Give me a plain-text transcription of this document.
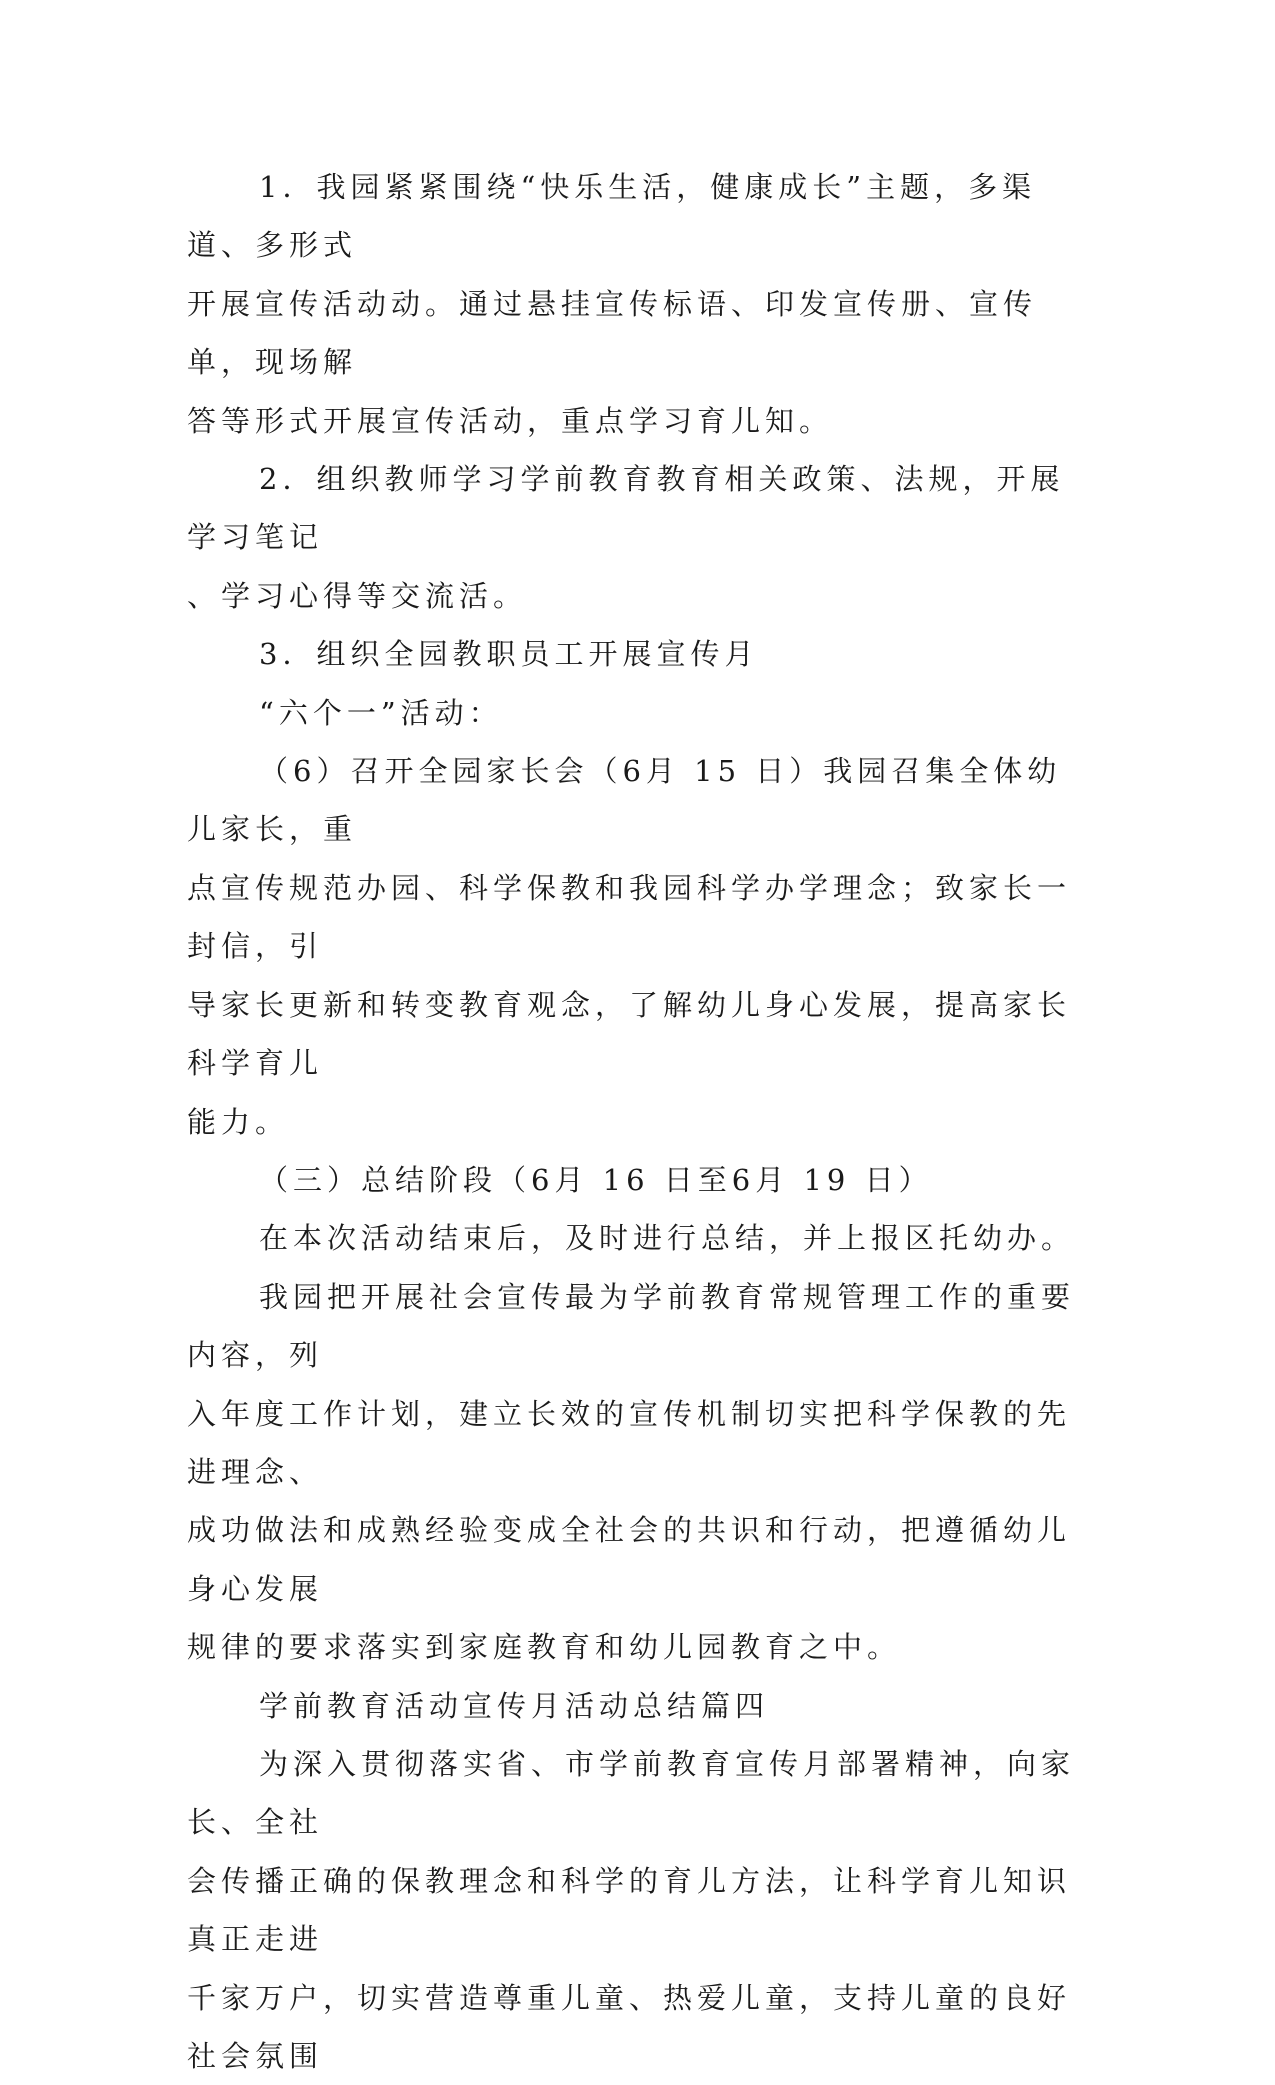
1．我园紧紧围绕“快乐生活，健康成长”主题，多渠道、多形式
开展宣传活动动。通过悬挂宣传标语、印发宣传册、宣传单，现场解
答等形式开展宣传活动，重点学习育儿知。

2．组织教师学习学前教育教育相关政策、法规，开展学习笔记
、学习心得等交流活。

3．组织全园教职员工开展宣传月

“六个一”活动：

（6）召开全园家长会（6月 15 日）我园召集全体幼儿家长，重
点宣传规范办园、科学保教和我园科学办学理念；致家长一封信，引
导家长更新和转变教育观念，了解幼儿身心发展，提高家长科学育儿
能力。

（三）总结阶段（6月 16 日至6月 19 日）

在本次活动结束后，及时进行总结，并上报区托幼办。

我园把开展社会宣传最为学前教育常规管理工作的重要内容，列
入年度工作计划，建立长效的宣传机制切实把科学保教的先进理念、
成功做法和成熟经验变成全社会的共识和行动，把遵循幼儿身心发展
规律的要求落实到家庭教育和幼儿园教育之中。

学前教育活动宣传月活动总结篇四

为深入贯彻落实省、市学前教育宣传月部署精神，向家长、全社
会传播正确的保教理念和科学的育儿方法，让科学育儿知识真正走进
千家万户，切实营造尊重儿童、热爱儿童，支持儿童的良好社会氛围
